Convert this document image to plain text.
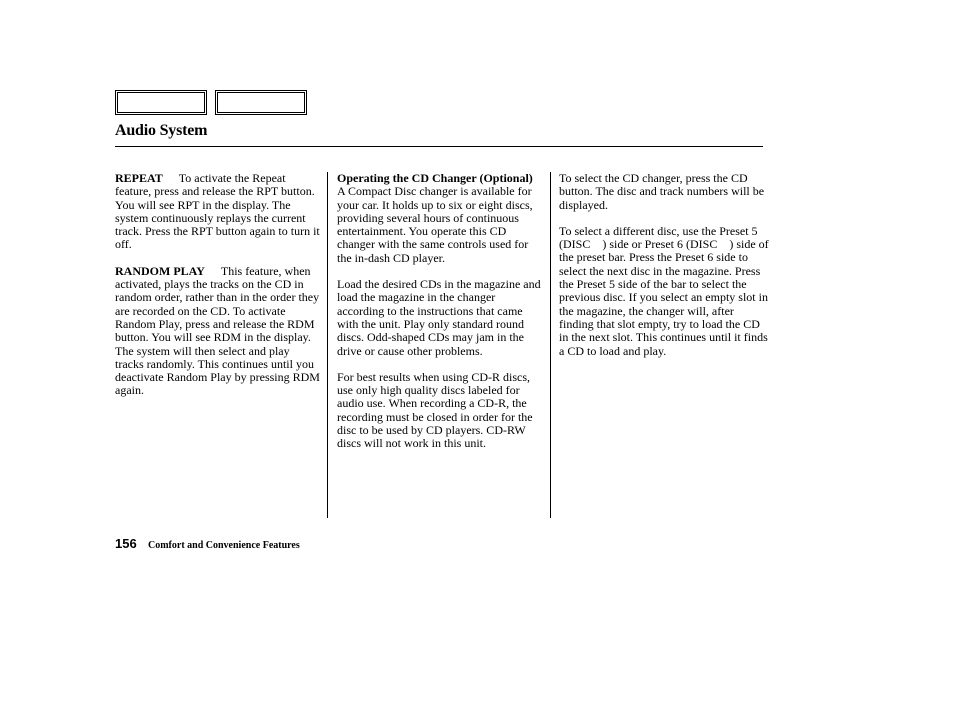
Audio System

REPEAT To activate the Repeat feature, press and release the RPT button. You will see RPT in the display. The system continuously replays the current track. Press the RPT button again to turn it off.

RANDOM PLAY This feature, when activated, plays the tracks on the CD in random order, rather than in the order they are recorded on the CD. To activate Random Play, press and release the RDM button. You will see RDM in the display. The system will then select and play tracks randomly. This continues until you deactivate Random Play by pressing RDM again.

Operating the CD Changer (Optional)
A Compact Disc changer is available for your car. It holds up to six or eight discs, providing several hours of continuous entertainment. You operate this CD changer with the same controls used for the in-dash CD player.

Load the desired CDs in the magazine and load the magazine in the changer according to the instructions that came with the unit. Play only standard round discs. Odd-shaped CDs may jam in the drive or cause other problems.

For best results when using CD-R discs, use only high quality discs labeled for audio use. When recording a CD-R, the recording must be closed in order for the disc to be used by CD players. CD-RW discs will not work in this unit.

To select the CD changer, press the CD button. The disc and track numbers will be displayed.

To select a different disc, use the Preset 5 (DISC ) side or Preset 6 (DISC ) side of the preset bar. Press the Preset 6 side to select the next disc in the magazine. Press the Preset 5 side of the bar to select the previous disc. If you select an empty slot in the magazine, the changer will, after finding that slot empty, try to load the CD in the next slot. This continues until it finds a CD to load and play.

156 Comfort and Convenience Features
